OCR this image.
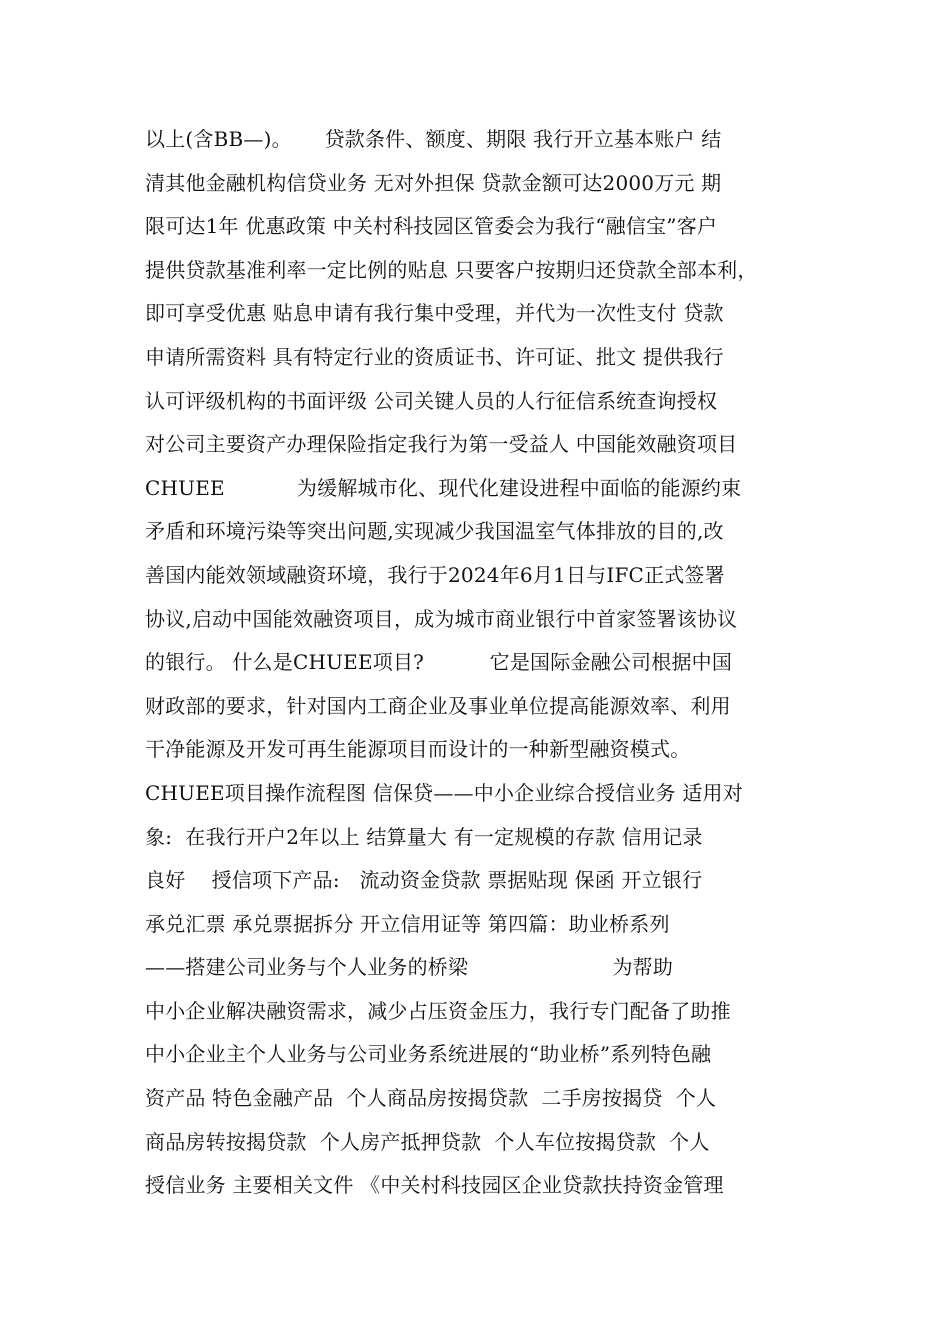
以上(含BB—)。     贷款条件、额度、期限 我行开立基本账户 结
清其他金融机构信贷业务 无对外担保 贷款金额可达2000万元 期
限可达1年 优惠政策 中关村科技园区管委会为我行“融信宝”客户
提供贷款基准利率一定比例的贴息 只要客户按期归还贷款全部本利，
即可享受优惠 贴息申请有我行集中受理，并代为一次性支付 贷款
申请所需资料 具有特定行业的资质证书、许可证、批文 提供我行
认可评级机构的书面评级 公司关键人员的人行征信系统查询授权
对公司主要资产办理保险指定我行为第一受益人 中国能效融资项目
CHUEE           为缓解城市化、现代化建设进程中面临的能源约束
矛盾和环境污染等突出问题,实现减少我国温室气体排放的目的,改
善国内能效领域融资环境，我行于2024年6月1日与IFC正式签署
协议,启动中国能效融资项目，成为城市商业银行中首家签署该协议
的银行。 什么是CHUEE项目?          它是国际金融公司根据中国
财政部的要求，针对国内工商企业及事业单位提高能源效率、利用
干净能源及开发可再生能源项目而设计的一种新型融资模式。
CHUEE项目操作流程图 信保贷——中小企业综合授信业务 适用对
象:  在我行开户2年以上 结算量大 有一定规模的存款 信用记录
良好    授信项下产品:   流动资金贷款 票据贴现 保函 开立银行
承兑汇票 承兑票据拆分 开立信用证等 第四篇：助业桥系列
——搭建公司业务与个人业务的桥梁                      为帮助
中小企业解决融资需求，减少占压资金压力，我行专门配备了助推
中小企业主个人业务与公司业务系统进展的“助业桥”系列特色融
资产品 特色金融产品  个人商品房按揭贷款  二手房按揭贷  个人
商品房转按揭贷款  个人房产抵押贷款  个人车位按揭贷款  个人
授信业务 主要相关文件 《中关村科技园区企业贷款扶持资金管理
